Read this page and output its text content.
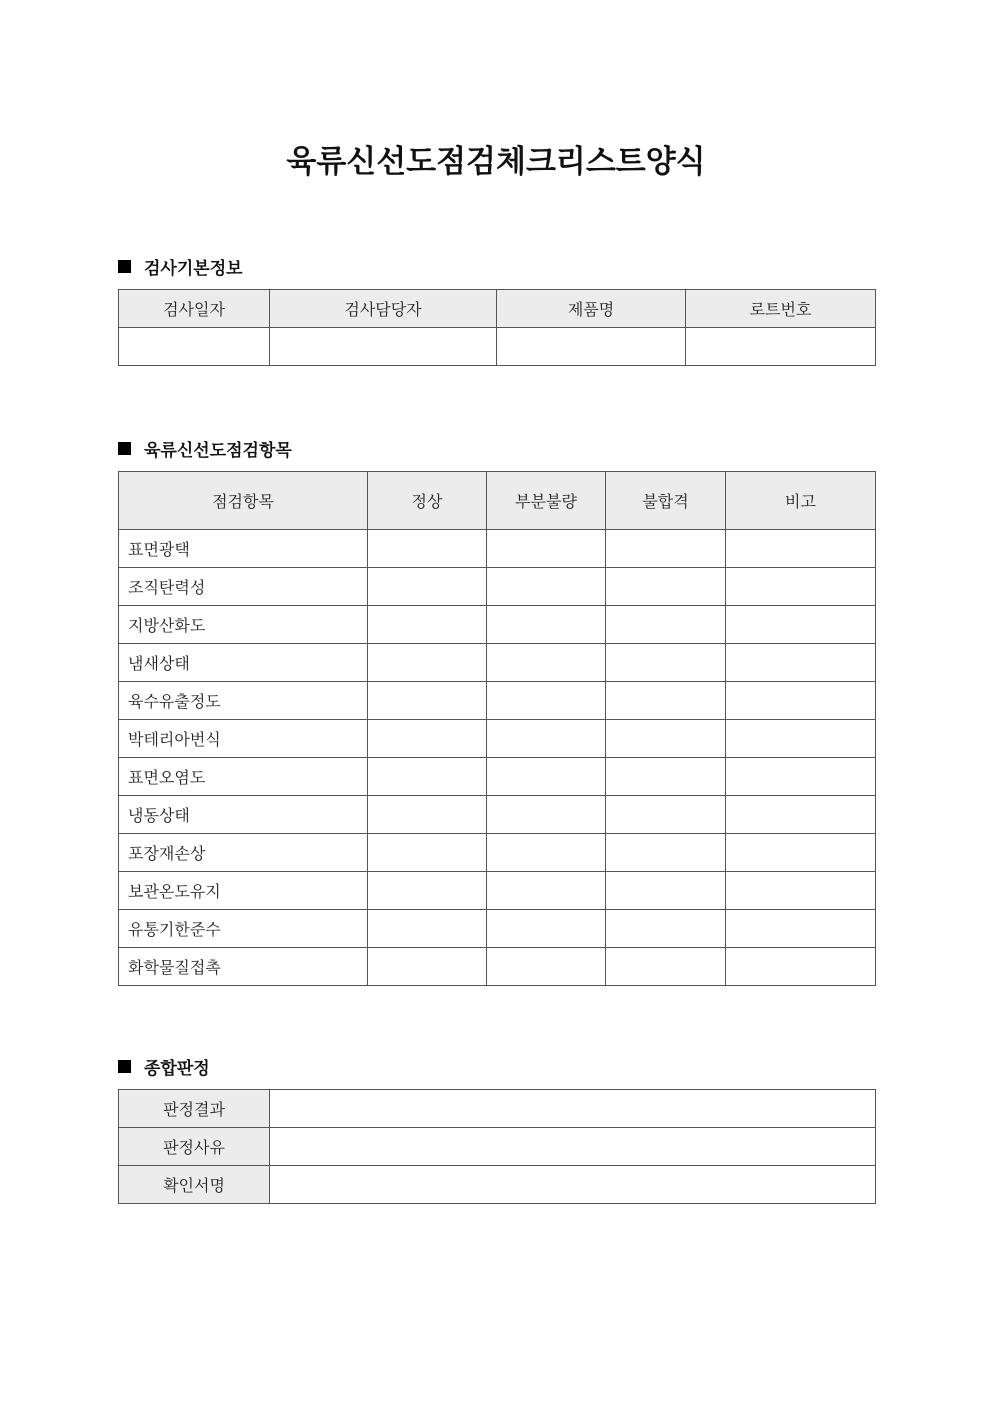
육류신선도점검체크리스트양식
검사기본정보
검사일자	검사담당자	제품명	로트번호

육류신선도점검항목
점검항목	정상	부분불량	불합격	비고
표면광택				
조직탄력성				
지방산화도				
냄새상태				
육수유출정도				
박테리아번식				
표면오염도				
냉동상태				
포장재손상				
보관온도유지				
유통기한준수				
화학물질접촉				
종합판정
판정결과	
판정사유	
확인서명	
